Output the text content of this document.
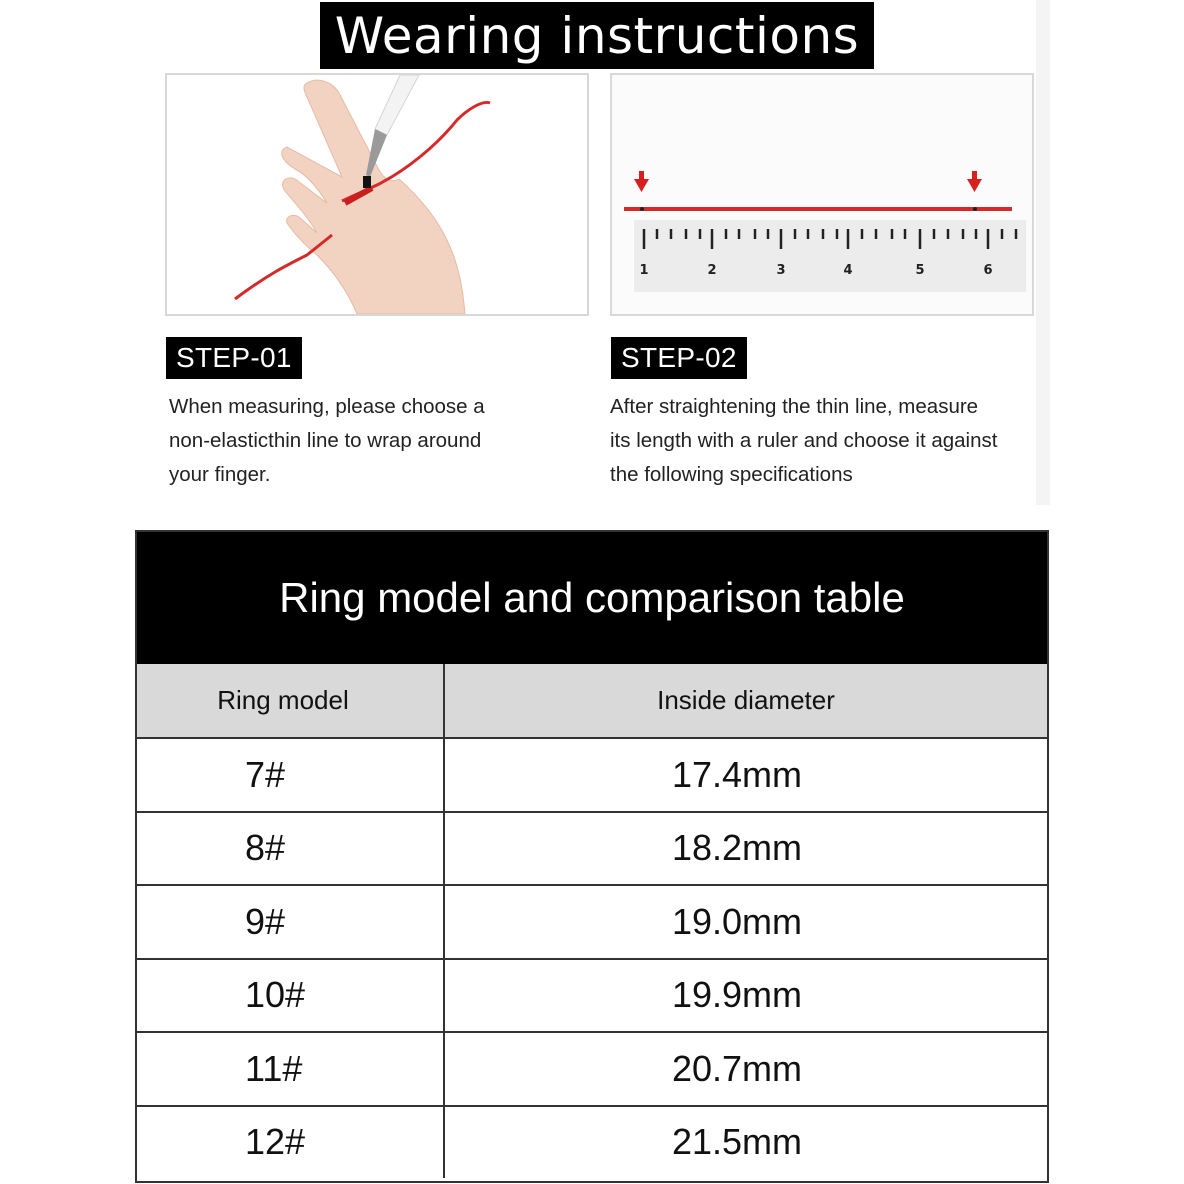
Wearing instructions
1	2	3	4	5	6
STEP-01	STEP-02

When measuring, please choose a

non-elasticthin line to wrap around

your finger.

After straightening the thin line, measure

its length with a ruler and choose it against

the following specifications

Ring model and comparison table
Ring model	Inside diameter
7#	17.4mm
8#	18.2mm
9#	19.0mm
10#	19.9mm
11#	20.7mm
12#	21.5mm
